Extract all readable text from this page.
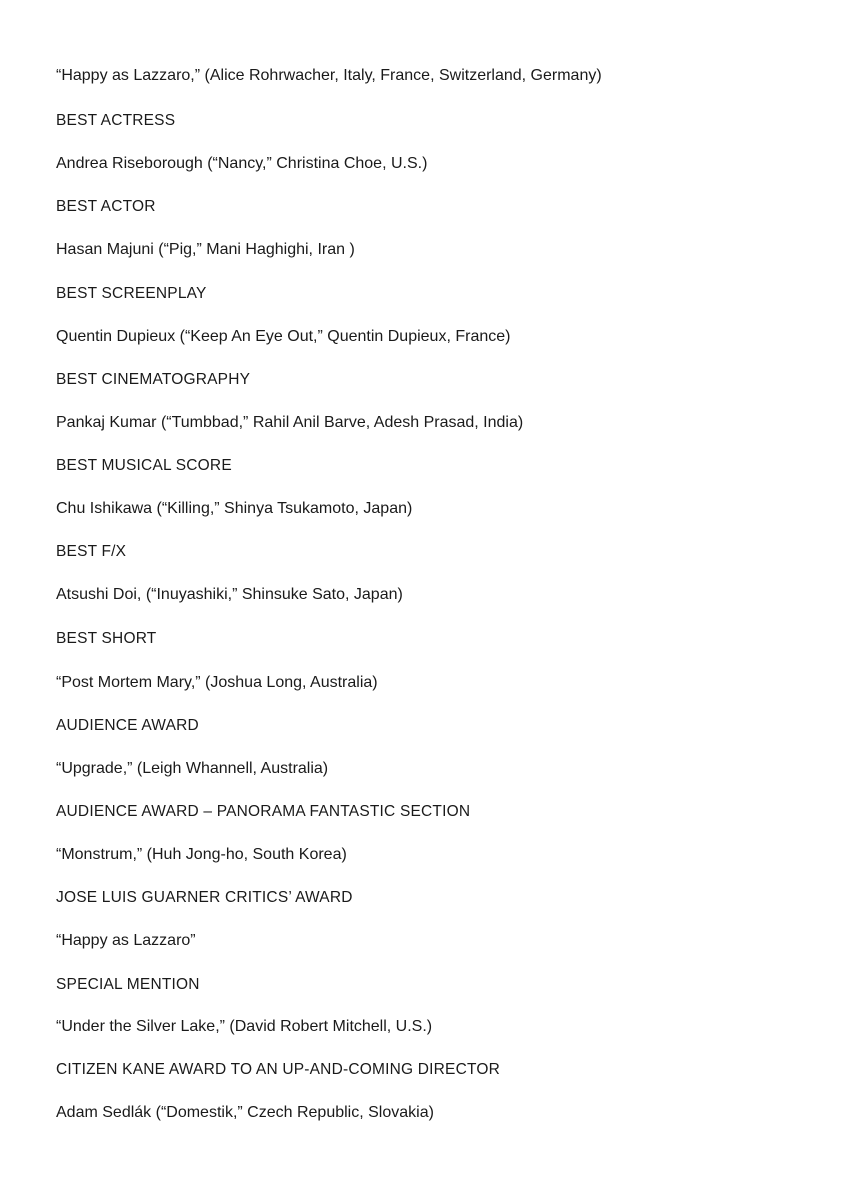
“Happy as Lazzaro,” (Alice Rohrwacher, Italy, France, Switzerland, Germany)
BEST ACTRESS
Andrea Riseborough (“Nancy,” Christina Choe, U.S.)
BEST ACTOR
Hasan Majuni (“Pig,” Mani Haghighi, Iran )
BEST SCREENPLAY
Quentin Dupieux (“Keep An Eye Out,” Quentin Dupieux, France)
BEST CINEMATOGRAPHY
Pankaj Kumar (“Tumbbad,” Rahil Anil Barve, Adesh Prasad, India)
BEST MUSICAL SCORE
Chu Ishikawa (“Killing,” Shinya Tsukamoto, Japan)
BEST F/X
Atsushi Doi, (“Inuyashiki,” Shinsuke Sato, Japan)
BEST SHORT
“Post Mortem Mary,” (Joshua Long, Australia)
AUDIENCE AWARD
“Upgrade,” (Leigh Whannell, Australia)
AUDIENCE AWARD – PANORAMA FANTASTIC SECTION
“Monstrum,” (Huh Jong-ho, South Korea)
JOSE LUIS GUARNER CRITICS’ AWARD
“Happy as Lazzaro”
SPECIAL MENTION
“Under the Silver Lake,” (David Robert Mitchell, U.S.)
CITIZEN KANE AWARD TO AN UP-AND-COMING DIRECTOR
Adam Sedlák (“Domestik,” Czech Republic, Slovakia)
